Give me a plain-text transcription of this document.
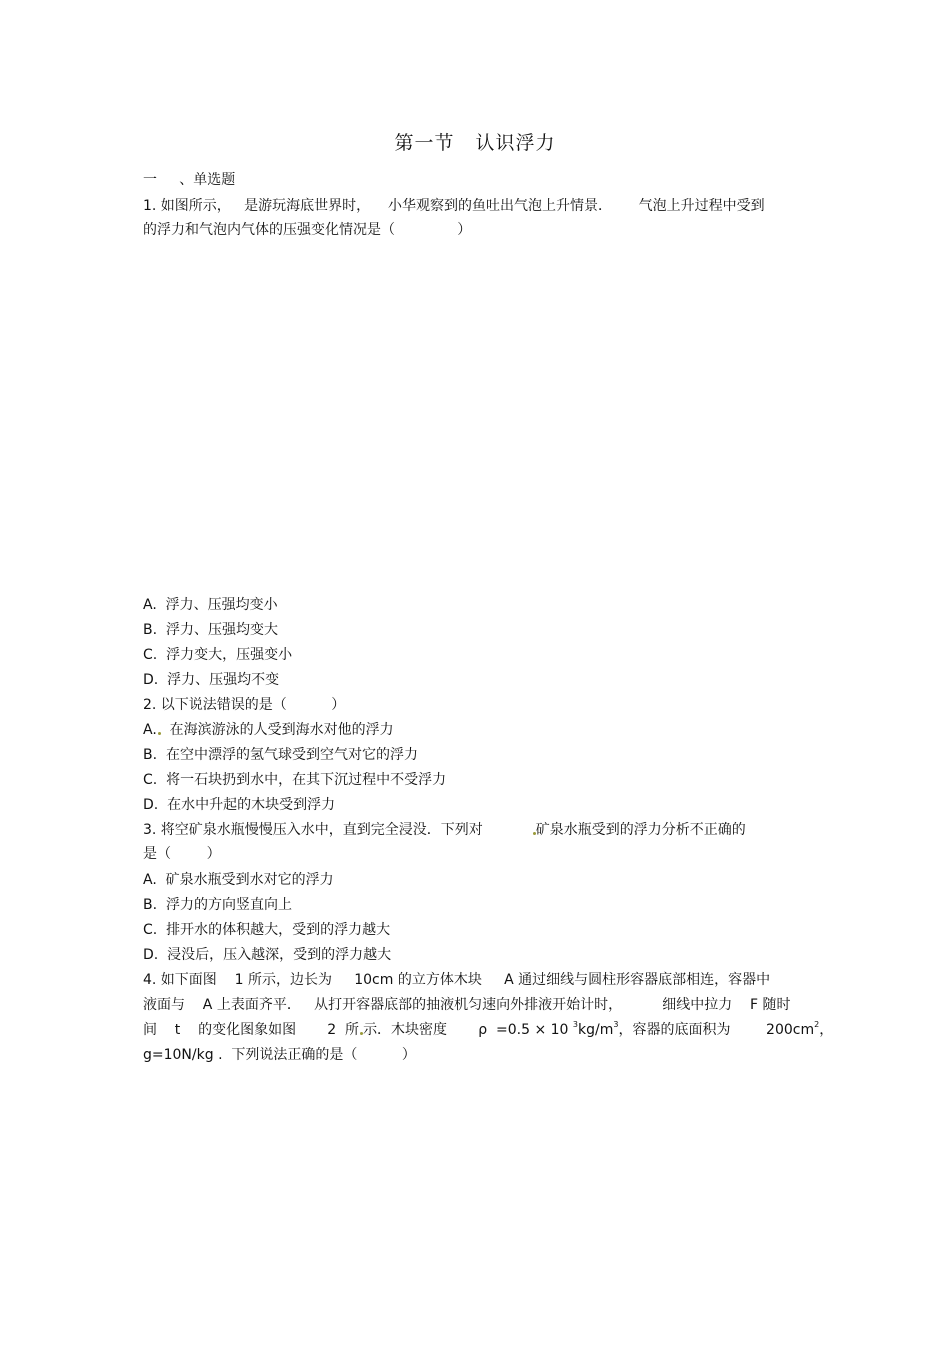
第一节   认识浮力
一     、单选题
1. 如图所示，   是游玩海底世界时，    小华观察到的鱼吐出气泡上升情景．      气泡上升过程中受到
的浮力和气泡内气体的压强变化情况是（              ）
A.  浮力、压强均变小
B.  浮力、压强均变大
C.  浮力变大，压强变小
D.  浮力、压强均不变
2. 以下说法错误的是（          ）
A.  在海滨游泳的人受到海水对他的浮力
B.  在空中漂浮的氢气球受到空气对它的浮力
C.  将一石块扔到水中，在其下沉过程中不受浮力
D.  在水中升起的木块受到浮力
3. 将空矿泉水瓶慢慢压入水中，直到完全浸没．下列对           矿泉水瓶受到的浮力分析不正确的
是（        ）
A.  矿泉水瓶受到水对它的浮力
B.  浮力的方向竖直向上
C.  排开水的体积越大，受到的浮力越大
D.  浸没后，压入越深，受到的浮力越大
4. 如下面图    1 所示，边长为     10cm 的立方体木块     A 通过细线与圆柱形容器底部相连，容器中
液面与    A 上表面齐平．   从打开容器底部的抽液机匀速向外排液开始计时，         细线中拉力    F 随时
间    t    的变化图象如图       2  所 示．木块密度       ρ  =0.5 × 10 $^3kg/m^3$，容器的底面积为        $200cm^2$，
g=10N/kg .  下列说法正确的是（          ）
